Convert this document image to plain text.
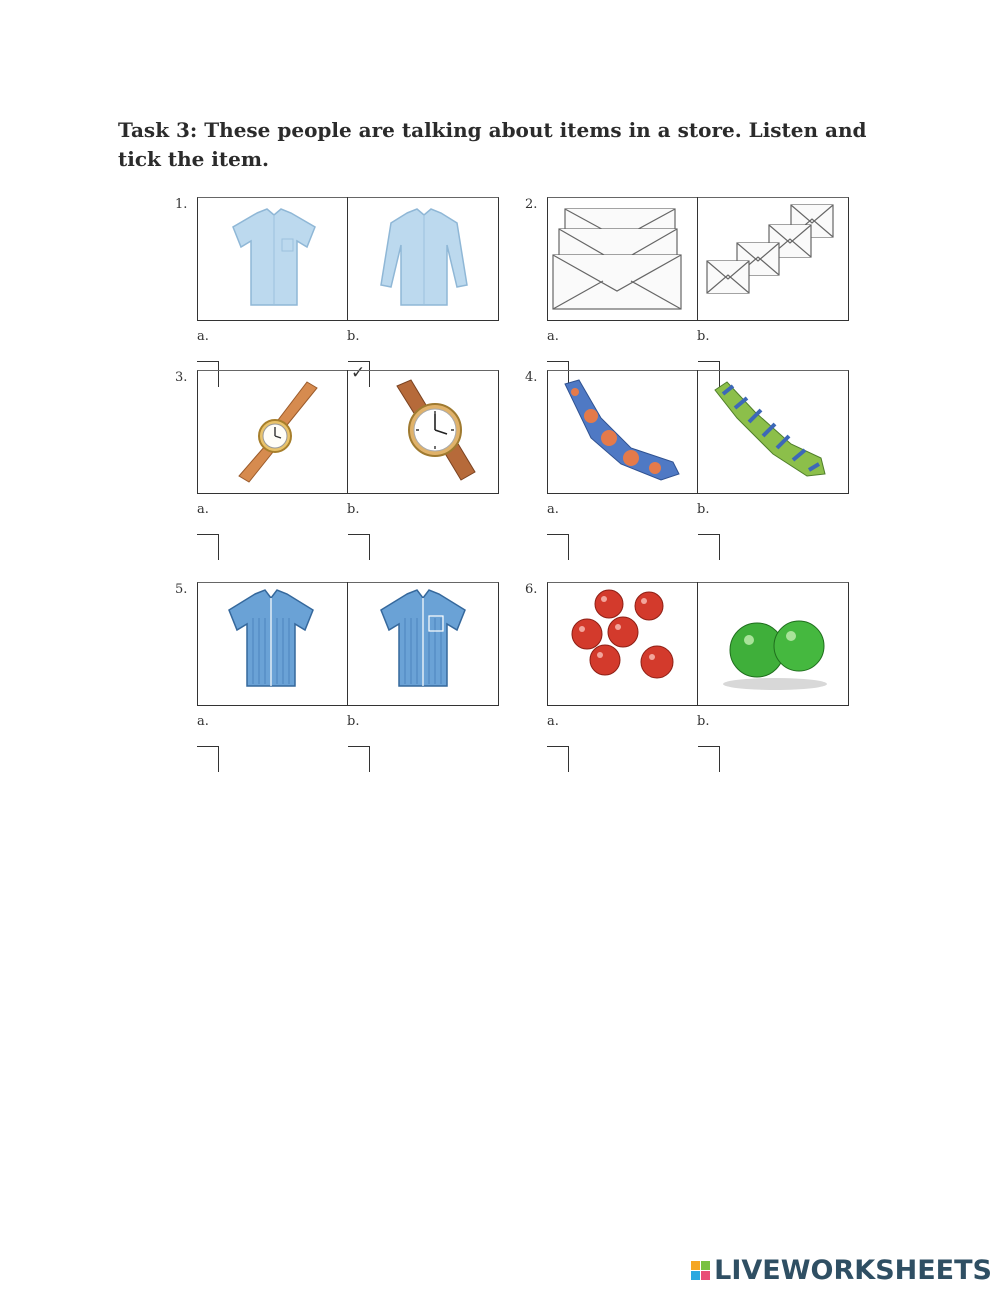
Task 3: These people are talking about items in a store. Listen and tick the item.
1.
✓
a.	b.
2.
a.	b.
3.
a.	b.
4.
a.	b.
5.
a.	b.
6.
a.	b.
LIVEWORKSHEETS
